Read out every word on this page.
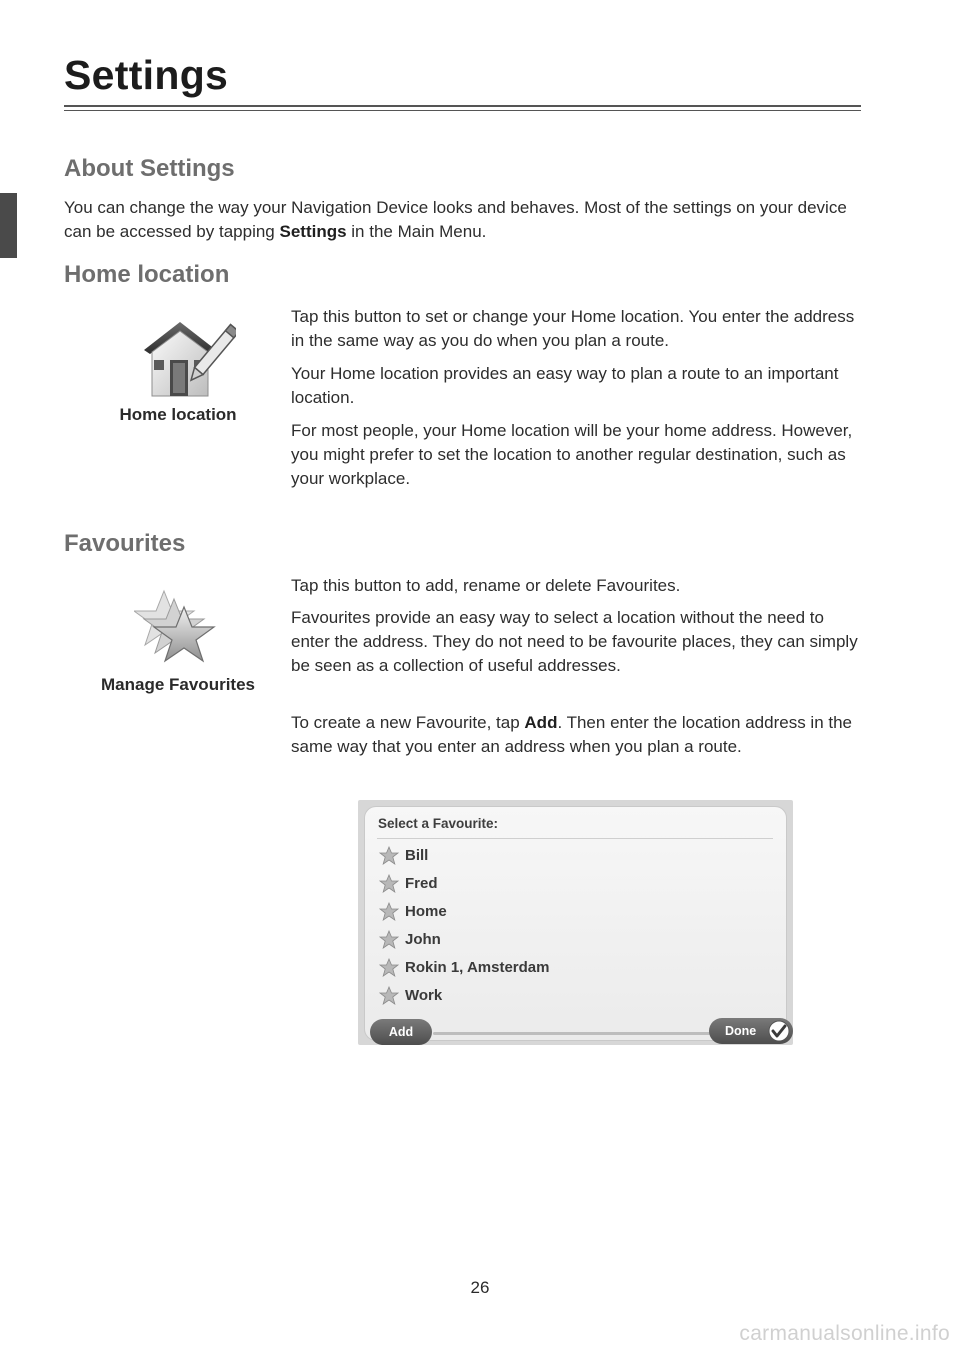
Settings
About Settings

You can change the way your Navigation Device looks and behaves. Most of the settings on your device can be accessed by tapping Settings in the Main Menu.

Home location
Home location

Tap this button to set or change your Home location. You enter the address in the same way as you do when you plan a route.

Your Home location provides an easy way to plan a route to an important location.

For most people, your Home location will be your home address. However, you might prefer to set the location to another regular destination, such as your workplace.

Favourites
Manage Favourites

Tap this button to add, rename or delete Favourites.

Favourites provide an easy way to select a location without the need to enter the address. They do not need to be favourite places, they can simply be seen as a collection of useful addresses.

To create a new Favourite, tap Add. Then enter the location address in the same way that you enter an address when you plan a route.

Select a Favourite:
Bill
Fred
Home
John
Rokin 1, Amsterdam
Work
Add	Done
26
carmanualsonline.info
